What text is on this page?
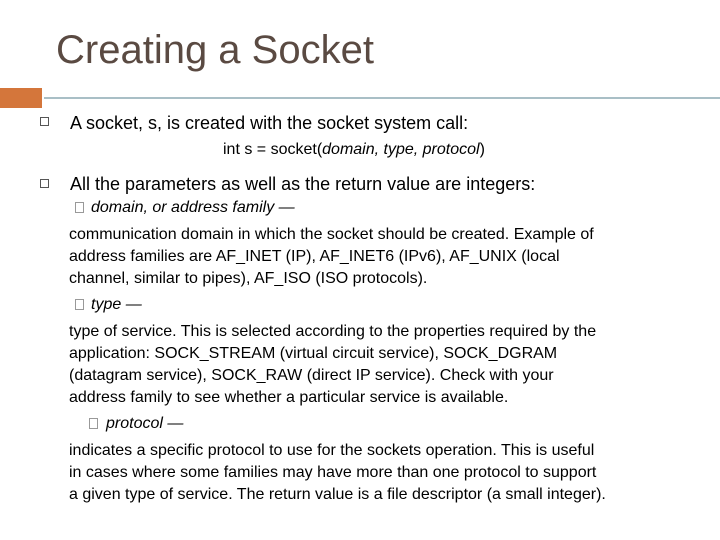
Creating a Socket
A socket, s, is created with the socket system call:
int s = socket(domain, type, protocol)
All the parameters as well as the return value are integers:
domain, or address family —
communication domain in which the socket should be created. Example of
address families are AF_INET (IP), AF_INET6 (IPv6), AF_UNIX (local
channel, similar to pipes), AF_ISO (ISO protocols).
type —
type of service. This is selected according to the properties required by the
application: SOCK_STREAM (virtual circuit service), SOCK_DGRAM
(datagram service), SOCK_RAW (direct IP service). Check with your
address family to see whether a particular service is available.
protocol —
indicates a specific protocol to use for the sockets operation. This is useful
in cases where some families may have more than one protocol to support
a given type of service. The return value is a file descriptor (a small integer).
